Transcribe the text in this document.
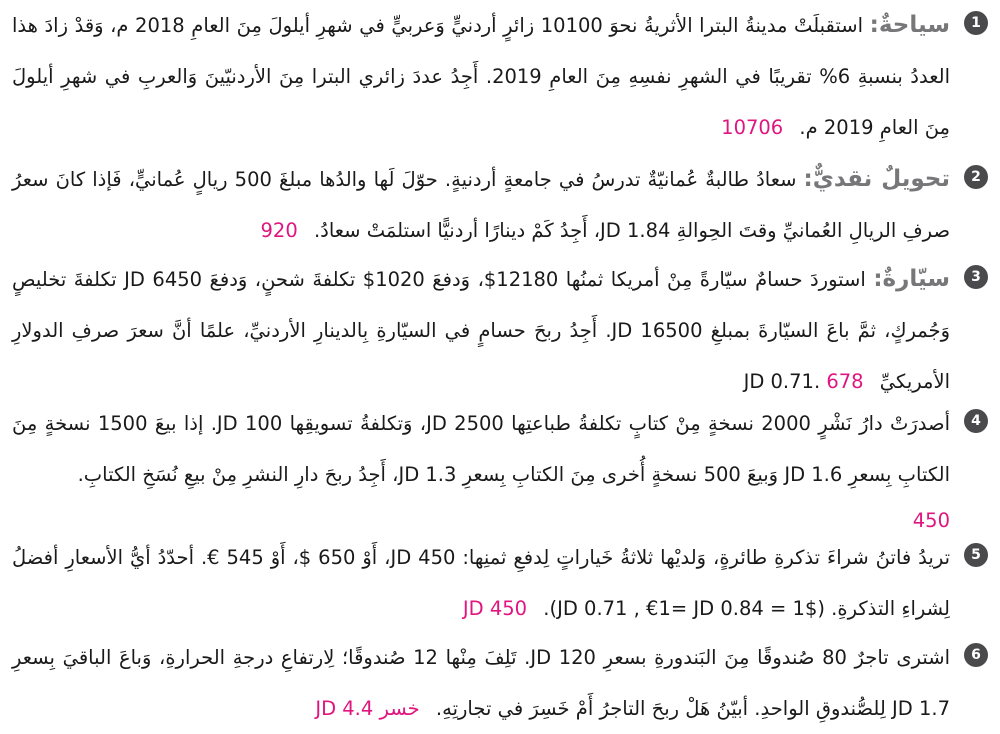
1
سياحةٌ: استقبلَتْ مدينةُ البترا الأثريةُ نحوَ 10100 زائرٍ أردنيٍّ وَعربيٍّ في شهرِ أيلولَ مِنَ العامِ 2018 م، وَقدْ زادَ هذا العددُ بنسبةِ 6% تقريبًا في الشهرِ نفسِهِ مِنَ العامِ 2019. أَجِدُ عددَ زائري البترا مِنَ الأردنيّينَ وَالعربِ في شهرِ أيلولَ مِنَ العامِ 2019 م. 10706
2
تحويلٌ نقديٌّ: سعادُ طالبةٌ عُمانيّةٌ تدرسُ في جامعةٍ أردنيةٍ. حوّلَ لَها والدُها مبلغَ 500 ريالٍ عُمانيٍّ، فَإذا كانَ سعرُ صرفِ الريالِ العُمانيِّ وقتَ الحِوالةِ JD 1.84، أَجِدُ كَمْ دينارًا أردنيًّا استلمَتْ سعادُ. 920
3
سيّارةٌ: استوردَ حسامٌ سيّارةً مِنْ أمريكا ثمنُها 12180$، وَدفعَ 1020$ تكلفةَ شحنٍ، وَدفعَ JD 6450 تكلفةَ تخليصٍ وَجُمركٍ، ثمَّ باعَ السيّارةَ بمبلغِ JD 16500. أَجِدُ ربحَ حسامٍ في السيّارةِ بِالدينارِ الأردنيِّ، علمًا أنَّ سعرَ صرفِ الدولارِ الأمريكيِّ JD 0.71. 678
4
أصدرَتْ دارُ نَشْرٍ 2000 نسخةٍ مِنْ كتابٍ تكلفةُ طباعتِها JD 2500، وَتكلفةُ تسويقِها JD 100. إذا بيعَ 1500 نسخةٍ مِنَ الكتابِ بِسعرِ JD 1.6 وَبيعَ 500 نسخةٍ أُخرى مِنَ الكتابِ بِسعرِ JD 1.3، أَجِدُ ربحَ دارِ النشرِ مِنْ بيعِ نُسَخِ الكتابِ.
450
5
تريدُ فاتنُ شراءَ تذكرةِ طائرةٍ، وَلديْها ثلاثةُ خَياراتٍ لِدفعِ ثمنِها: JD 450، أَوْ 650 $، أَوْ 545 €. أحدّدُ أيُّ الأسعارِ أفضلُ لِشراءِ التذكرةِ. ($1 = JD 0.71 , €1= JD 0.84). JD 450
6
اشترى تاجرٌ 80 صُندوقًا مِنَ البَندورةِ بسعرِ JD 120. تَلِفَ مِنْها 12 صُندوقًا؛ لِارتفاعِ درجةِ الحرارةِ، وَباعَ الباقيَ بِسعرِ JD 1.7 لِلصُّندوقِ الواحدِ. أبيّنُ هَلْ ربحَ التاجرُ أَمْ خَسِرَ في تجارتِهِ. خسر JD 4.4
